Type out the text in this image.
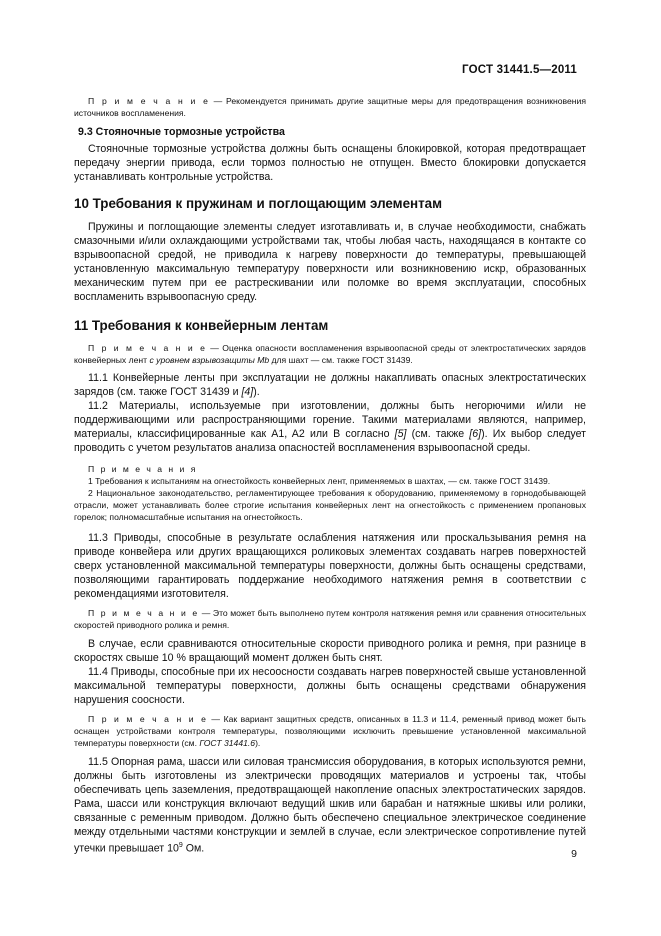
ГОСТ 31441.5—2011

П р и м е ч а н и е — Рекомендуется принимать другие защитные меры для предотвращения возникновения источников воспламенения.

9.3 Стояночные тормозные устройства

Стояночные тормозные устройства должны быть оснащены блокировкой, которая предотвращает передачу энергии привода, если тормоз полностью не отпущен. Вместо блокировки допускается устанавливать контрольные устройства.

10 Требования к пружинам и поглощающим элементам

Пружины и поглощающие элементы следует изготавливать и, в случае необходимости, снабжать смазочными и/или охлаждающими устройствами так, чтобы любая часть, находящаяся в контакте со взрывоопасной средой, не приводила к нагреву поверхности до температуры, превышающей установленную максимальную температуру поверхности или возникновению искр, образованных механическим путем при ее растрескивании или поломке во время эксплуатации, способных воспламенить взрывоопасную среду.

11 Требования к конвейерным лентам

П р и м е ч а н и е — Оценка опасности воспламенения взрывоопасной среды от электростатических зарядов конвейерных лент с уровнем взрывозащиты Mb для шахт — см. также ГОСТ 31439.

11.1 Конвейерные ленты при эксплуатации не должны накапливать опасных электростатических зарядов (см. также ГОСТ 31439 и [4]).

11.2 Материалы, используемые при изготовлении, должны быть негорючими и/или не поддерживающими или распространяющими горение. Такими материалами являются, например, материалы, классифицированные как A1, A2 или B согласно [5] (см. также [6]). Их выбор следует проводить с учетом результатов анализа опасностей воспламенения взрывоопасной среды.

П р и м е ч а н и я

1 Требования к испытаниям на огнестойкость конвейерных лент, применяемых в шахтах, — см. также ГОСТ 31439.

2 Национальное законодательство, регламентирующее требования к оборудованию, применяемому в горнодобывающей отрасли, может устанавливать более строгие испытания конвейерных лент на огнестойкость с применением пропановых горелок; полномасштабные испытания на огнестойкость.

11.3 Приводы, способные в результате ослабления натяжения или проскальзывания ремня на приводе конвейера или других вращающихся роликовых элементах создавать нагрев поверхностей сверх установленной максимальной температуры поверхности, должны быть оснащены средствами, позволяющими гарантировать поддержание необходимого натяжения ремня в соответствии с рекомендациями изготовителя.

П р и м е ч а н и е — Это может быть выполнено путем контроля натяжения ремня или сравнения относительных скоростей приводного ролика и ремня.

В случае, если сравниваются относительные скорости приводного ролика и ремня, при разнице в скоростях свыше 10 % вращающий момент должен быть снят.

11.4 Приводы, способные при их несоосности создавать нагрев поверхностей свыше установленной максимальной температуры поверхности, должны быть оснащены средствами обнаружения нарушения соосности.

П р и м е ч а н и е — Как вариант защитных средств, описанных в 11.3 и 11.4, ременный привод может быть оснащен устройствами контроля температуры, позволяющими исключить превышение установленной максимальной температуры поверхности (см. ГОСТ 31441.6).

11.5 Опорная рама, шасси или силовая трансмиссия оборудования, в которых используются ремни, должны быть изготовлены из электрически проводящих материалов и устроены так, чтобы обеспечивать цепь заземления, предотвращающей накопление опасных электростатических зарядов. Рама, шасси или конструкция включают ведущий шкив или барабан и натяжные шкивы или ролики, связанные с ременным приводом. Должно быть обеспечено специальное электрическое соединение между отдельными частями конструкции и землей в случае, если электрическое сопротивление путей утечки превышает $10^9$ Ом.	9
